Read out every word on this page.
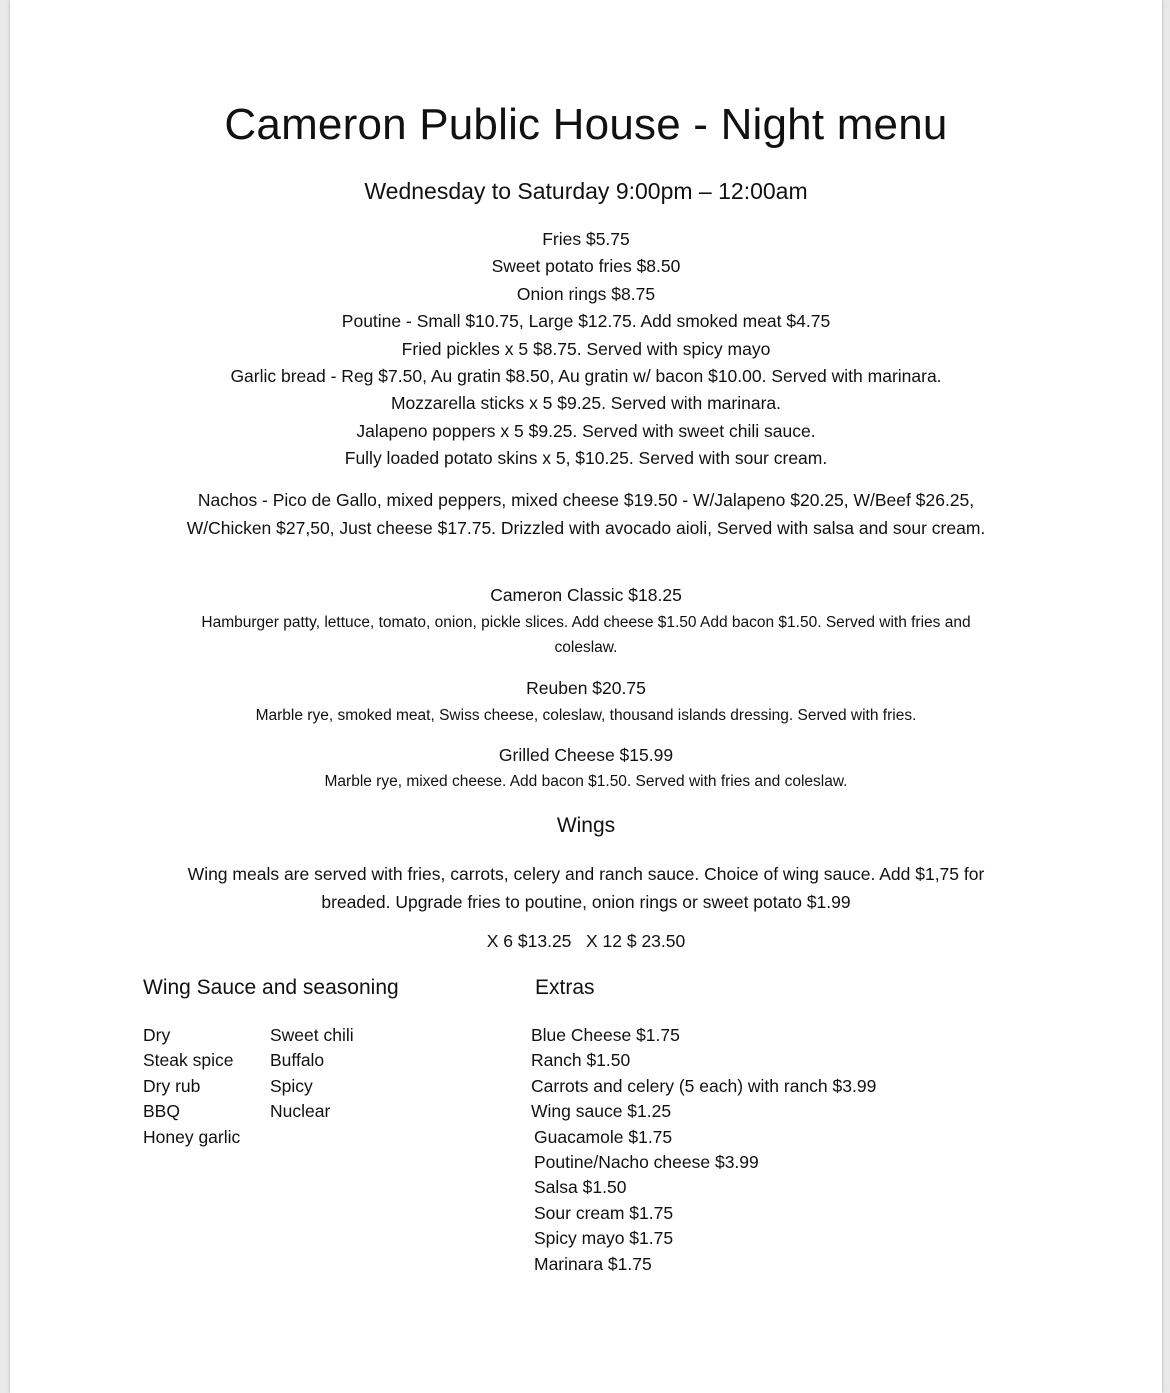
Cameron Public House - Night menu
Wednesday to Saturday 9:00pm – 12:00am
Fries $5.75
Sweet potato fries $8.50
Onion rings $8.75
Poutine - Small $10.75, Large $12.75. Add smoked meat $4.75
Fried pickles x 5 $8.75. Served with spicy mayo
Garlic bread - Reg $7.50, Au gratin $8.50, Au gratin w/ bacon $10.00. Served with marinara.
Mozzarella sticks x 5 $9.25. Served with marinara.
Jalapeno poppers x 5 $9.25. Served with sweet chili sauce.
Fully loaded potato skins x 5, $10.25. Served with sour cream.
Nachos - Pico de Gallo, mixed peppers, mixed cheese $19.50 - W/Jalapeno $20.25, W/Beef $26.25,
W/Chicken $27,50, Just cheese $17.75. Drizzled with avocado aioli, Served with salsa and sour cream.
Cameron Classic $18.25
Hamburger patty, lettuce, tomato, onion, pickle slices. Add cheese $1.50 Add bacon $1.50. Served with fries and
coleslaw.
Reuben $20.75
Marble rye, smoked meat, Swiss cheese, coleslaw, thousand islands dressing. Served with fries.
Grilled Cheese $15.99
Marble rye, mixed cheese. Add bacon $1.50. Served with fries and coleslaw.
Wings
Wing meals are served with fries, carrots, celery and ranch sauce. Choice of wing sauce. Add $1,75 for
breaded. Upgrade fries to poutine, onion rings or sweet potato $1.99
X 6 $13.25   X 12 $ 23.50
Wing Sauce and seasoning	Extras
Dry
Steak spice
Dry rub
BBQ
Honey garlic
Sweet chili
Buffalo
Spicy
Nuclear
Blue Cheese $1.75
Ranch $1.50
Carrots and celery (5 each) with ranch $3.99
Wing sauce $1.25
Guacamole $1.75
Poutine/Nacho cheese $3.99
Salsa $1.50
Sour cream $1.75
Spicy mayo $1.75
Marinara $1.75
